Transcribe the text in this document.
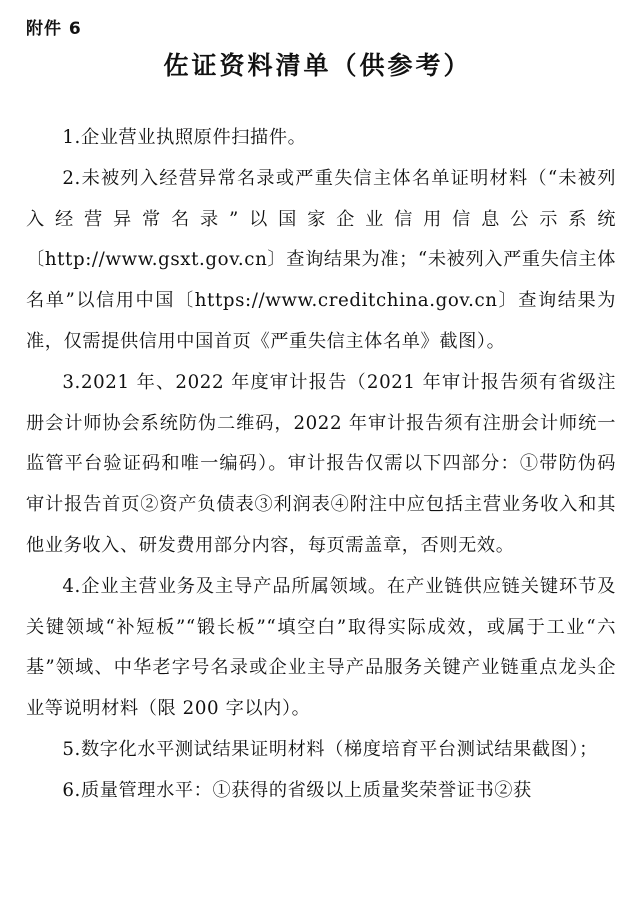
附件 6
佐证资料清单（供参考）

1.企业营业执照原件扫描件。

2.未被列入经营异常名录或严重失信主体名单证明材料（“未被列入经营异常名录”以国家企业信用信息公示系统〔http://www.gsxt.gov.cn〕查询结果为准；“未被列入严重失信主体名单”以信用中国〔https://www.creditchina.gov.cn〕查询结果为准，仅需提供信用中国首页《严重失信主体名单》截图）。

3.2021 年、2022 年度审计报告（2021 年审计报告须有省级注册会计师协会系统防伪二维码，2022 年审计报告须有注册会计师统一监管平台验证码和唯一编码）。审计报告仅需以下四部分：①带防伪码审计报告首页②资产负债表③利润表④附注中应包括主营业务收入和其他业务收入、研发费用部分内容，每页需盖章，否则无效。

4.企业主营业务及主导产品所属领域。在产业链供应链关键环节及关键领域“补短板”“锻长板”“填空白”取得实际成效，或属于工业“六基”领域、中华老字号名录或企业主导产品服务关键产业链重点龙头企业等说明材料（限 200 字以内）。

5.数字化水平测试结果证明材料（梯度培育平台测试结果截图）；

6.质量管理水平：①获得的省级以上质量奖荣誉证书②获
